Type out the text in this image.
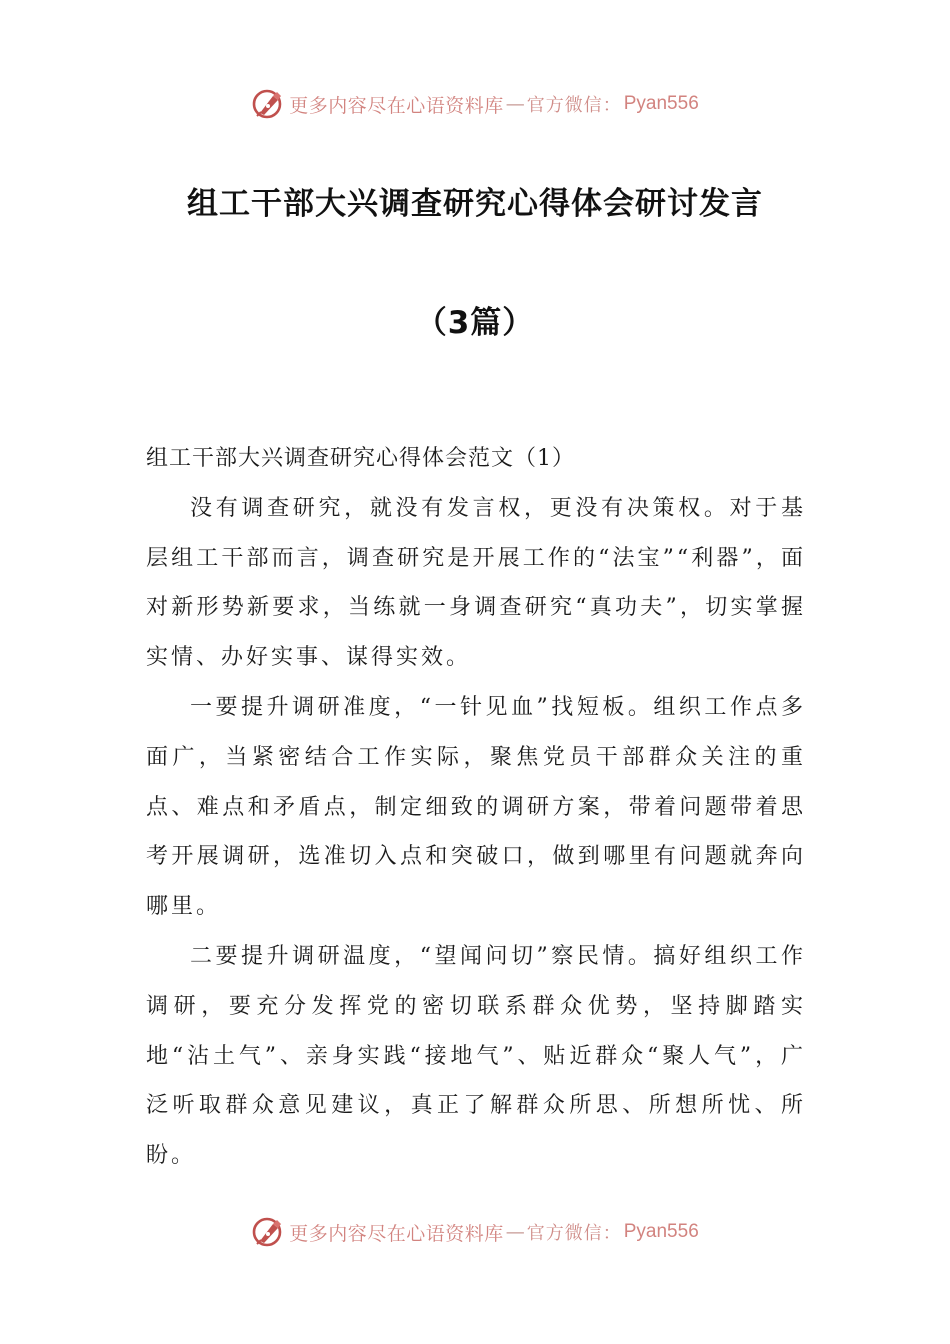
更多内容尽在心语资料库 — 官方微信： Pyan556
组工干部大兴调查研究心得体会研讨发言
（3篇）

组工干部大兴调查研究心得体会范文（1）

没有调查研究，就没有发言权，更没有决策权。对于基层组工干部而言，调查研究是开展工作的“法宝”“利器”，面对新形势新要求，当练就一身调查研究“真功夫”，切实掌握实情、办好实事、谋得实效。

一要提升调研准度，“一针见血”找短板。组织工作点多面广，当紧密结合工作实际，聚焦党员干部群众关注的重点、难点和矛盾点，制定细致的调研方案，带着问题带着思考开展调研，选准切入点和突破口，做到哪里有问题就奔向哪里。

二要提升调研温度，“望闻问切”察民情。搞好组织工作调研，要充分发挥党的密切联系群众优势，坚持脚踏实地“沾土气”、亲身实践“接地气”、贴近群众“聚人气”，广泛听取群众意见建议，真正了解群众所思、所想所忧、所盼。

更多内容尽在心语资料库 — 官方微信： Pyan556
